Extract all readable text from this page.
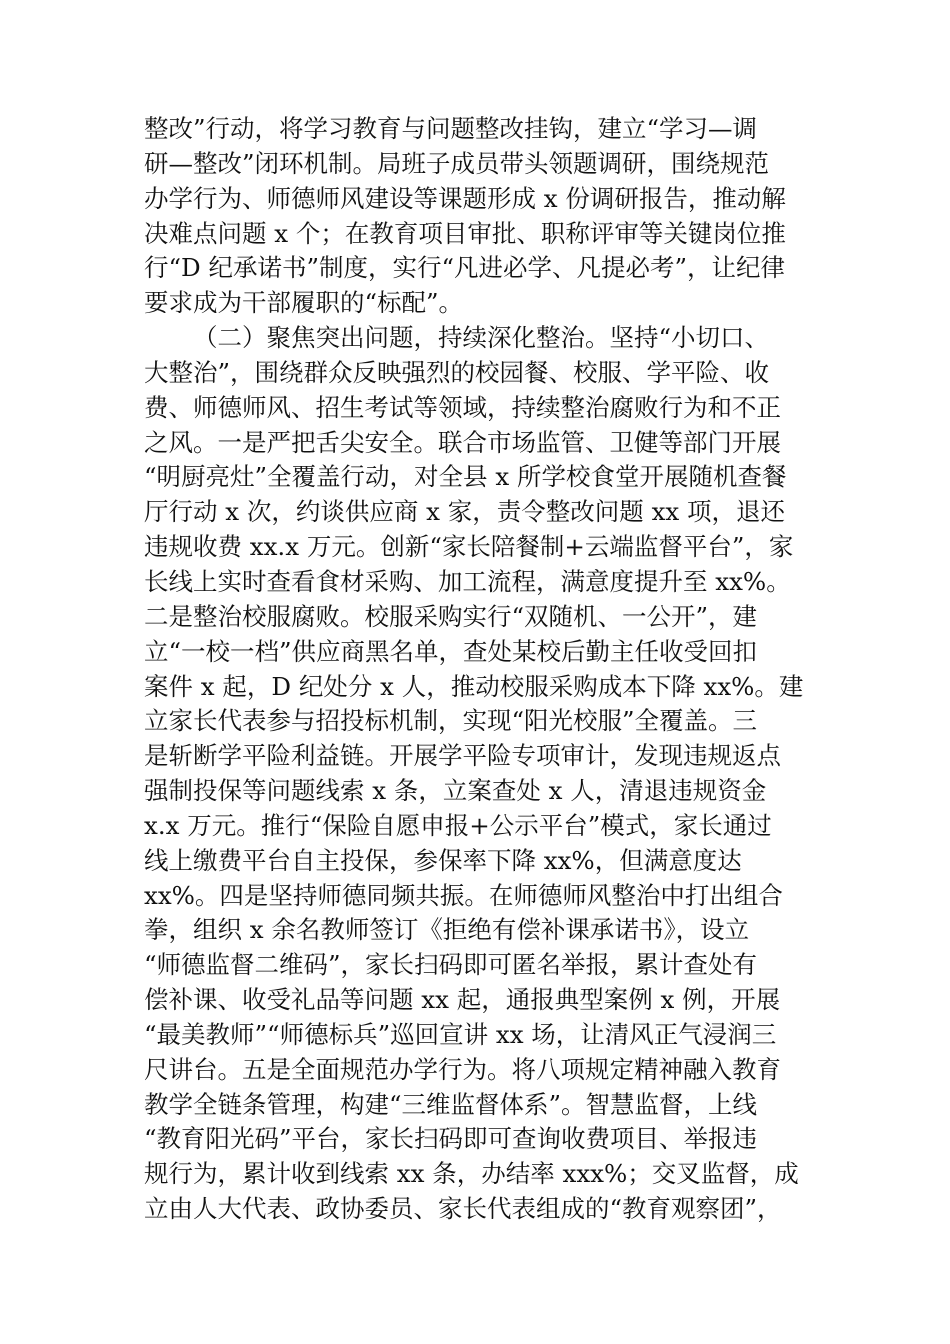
整改”行动，将学习教育与问题整改挂钩，建立“学习—调
研—整改”闭环机制。局班子成员带头领题调研，围绕规范
办学行为、师德师风建设等课题形成 x 份调研报告，推动解
决难点问题 x 个；在教育项目审批、职称评审等关键岗位推
行“D 纪承诺书”制度，实行“凡进必学、凡提必考”，让纪律
要求成为干部履职的“标配”。
（二）聚焦突出问题，持续深化整治。坚持“小切口、
大整治”，围绕群众反映强烈的校园餐、校服、学平险、收
费、师德师风、招生考试等领域，持续整治腐败行为和不正
之风。一是严把舌尖安全。联合市场监管、卫健等部门开展
“明厨亮灶”全覆盖行动，对全县 x 所学校食堂开展随机查餐
厅行动 x 次，约谈供应商 x 家，责令整改问题 xx 项，退还
违规收费 xx.x 万元。创新“家长陪餐制+云端监督平台”，家
长线上实时查看食材采购、加工流程，满意度提升至 xx%。
二是整治校服腐败。校服采购实行“双随机、一公开”，建
立“一校一档”供应商黑名单，查处某校后勤主任收受回扣
案件 x 起，D 纪处分 x 人，推动校服采购成本下降 xx%。建
立家长代表参与招投标机制，实现“阳光校服”全覆盖。三
是斩断学平险利益链。开展学平险专项审计，发现违规返点
强制投保等问题线索 x 条，立案查处 x 人，清退违规资金
x.x 万元。推行“保险自愿申报+公示平台”模式，家长通过
线上缴费平台自主投保，参保率下降 xx%，但满意度达
xx%。四是坚持师德同频共振。在师德师风整治中打出组合
拳，组织 x 余名教师签订《拒绝有偿补课承诺书》，设立
“师德监督二维码”，家长扫码即可匿名举报，累计查处有
偿补课、收受礼品等问题 xx 起，通报典型案例 x 例，开展
“最美教师”“师德标兵”巡回宣讲 xx 场，让清风正气浸润三
尺讲台。五是全面规范办学行为。将八项规定精神融入教育
教学全链条管理，构建“三维监督体系”。智慧监督，上线
“教育阳光码”平台，家长扫码即可查询收费项目、举报违
规行为，累计收到线索 xx 条，办结率 xxx%；交叉监督，成
立由人大代表、政协委员、家长代表组成的“教育观察团”，
